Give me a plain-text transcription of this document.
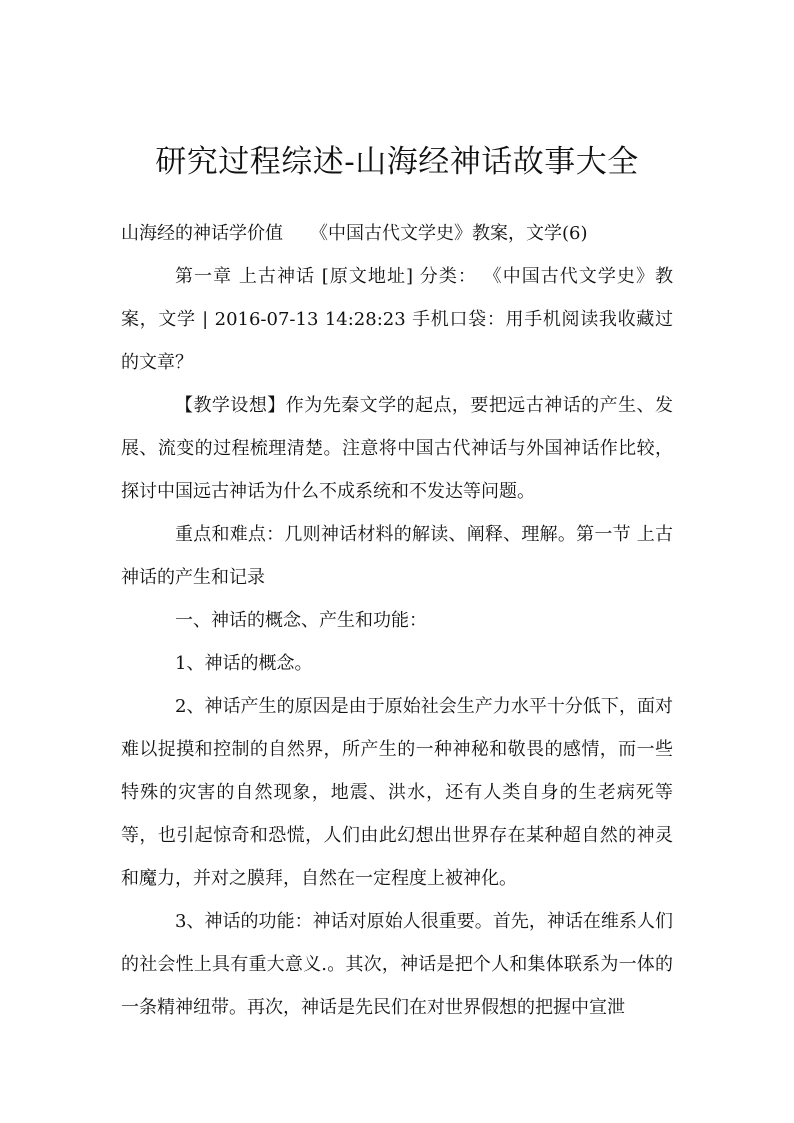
研究过程综述-山海经神话故事大全

山海经的神话学价值　　《中国古代文学史》教案，文学(6)

第一章 上古神话 [原文地址] 分类： 《中国古代文学史》教案，文学 | 2016-07-13 14:28:23 手机口袋：用手机阅读我收藏过的文章？

【教学设想】作为先秦文学的起点，要把远古神话的产生、发展、流变的过程梳理清楚。注意将中国古代神话与外国神话作比较，探讨中国远古神话为什么不成系统和不发达等问题。

重点和难点：几则神话材料的解读、阐释、理解。第一节 上古神话的产生和记录

一、神话的概念、产生和功能：

1、神话的概念。

2、神话产生的原因是由于原始社会生产力水平十分低下，面对难以捉摸和控制的自然界，所产生的一种神秘和敬畏的感情，而一些特殊的灾害的自然现象，地震、洪水，还有人类自身的生老病死等等，也引起惊奇和恐慌，人们由此幻想出世界存在某种超自然的神灵和魔力，并对之膜拜，自然在一定程度上被神化。

3、神话的功能：神话对原始人很重要。首先，神话在维系人们的社会性上具有重大意义.。其次，神话是把个人和集体联系为一体的一条精神纽带。再次，神话是先民们在对世界假想的把握中宣泄
